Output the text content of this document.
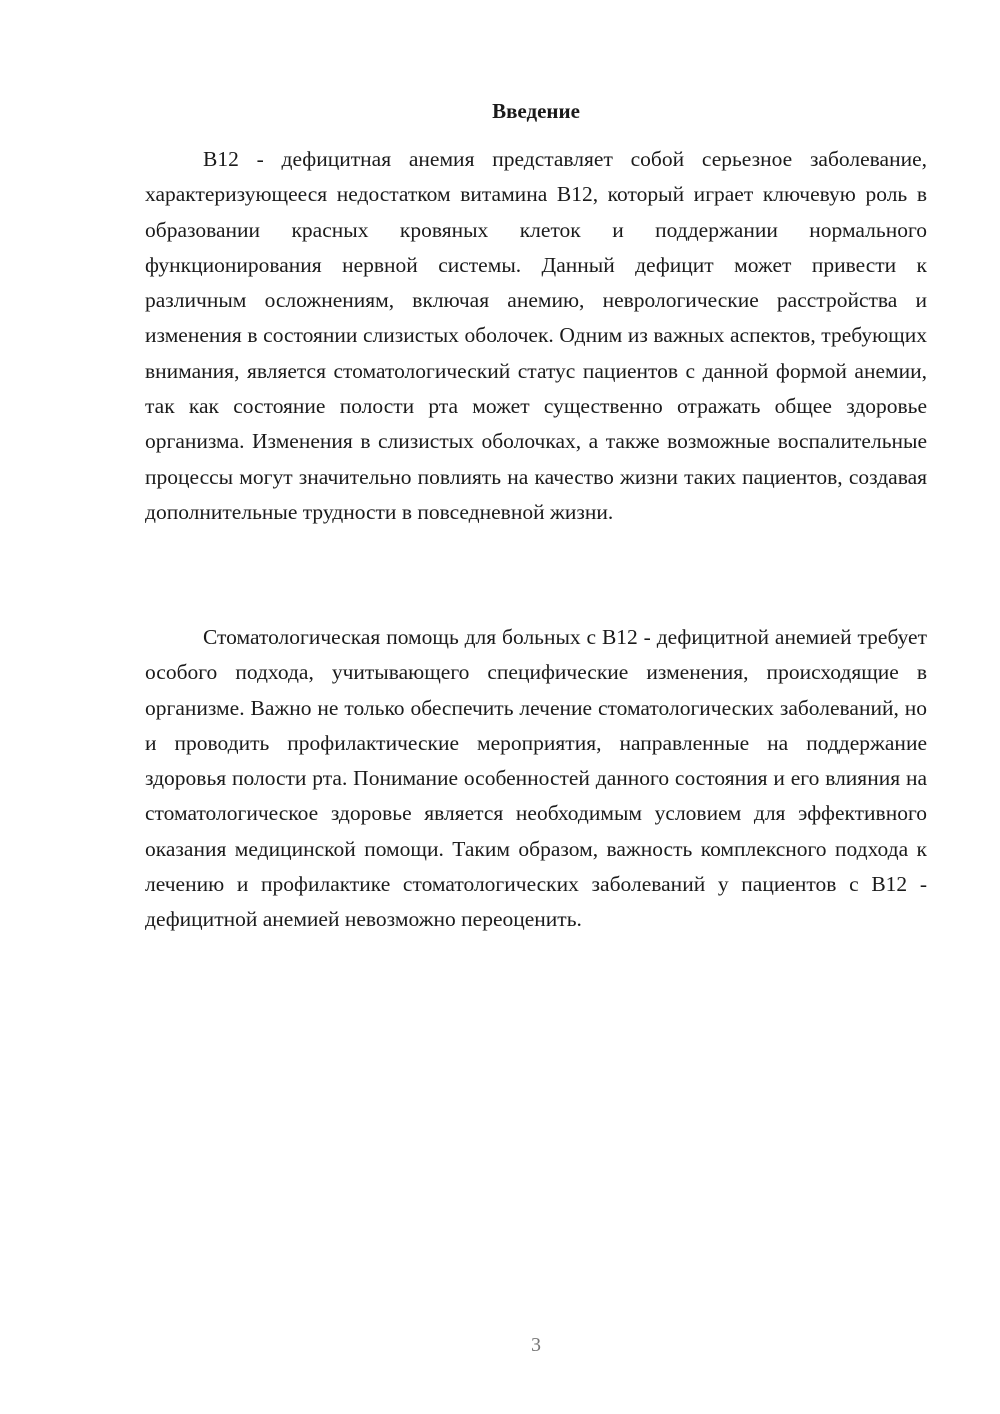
Введение

B12 - дефицитная анемия представляет собой серьезное заболевание, характеризующееся недостатком витамина B12, который играет ключевую роль в образовании красных кровяных клеток и поддержании нормального функционирования нервной системы. Данный дефицит может привести к различным осложнениям, включая анемию, неврологические расстройства и изменения в состоянии слизистых оболочек. Одним из важных аспектов, требующих внимания, является стоматологический статус пациентов с данной формой анемии, так как состояние полости рта может существенно отражать общее здоровье организма. Изменения в слизистых оболочках, а также возможные воспалительные процессы могут значительно повлиять на качество жизни таких пациентов, создавая дополнительные трудности в повседневной жизни.

Стоматологическая помощь для больных с B12 - дефицитной анемией требует особого подхода, учитывающего специфические изменения, происходящие в организме. Важно не только обеспечить лечение стоматологических заболеваний, но и проводить профилактические мероприятия, направленные на поддержание здоровья полости рта. Понимание особенностей данного состояния и его влияния на стоматологическое здоровье является необходимым условием для эффективного оказания медицинской помощи. Таким образом, важность комплексного подхода к лечению и профилактике стоматологических заболеваний у пациентов с B12 - дефицитной анемией невозможно переоценить.

3
